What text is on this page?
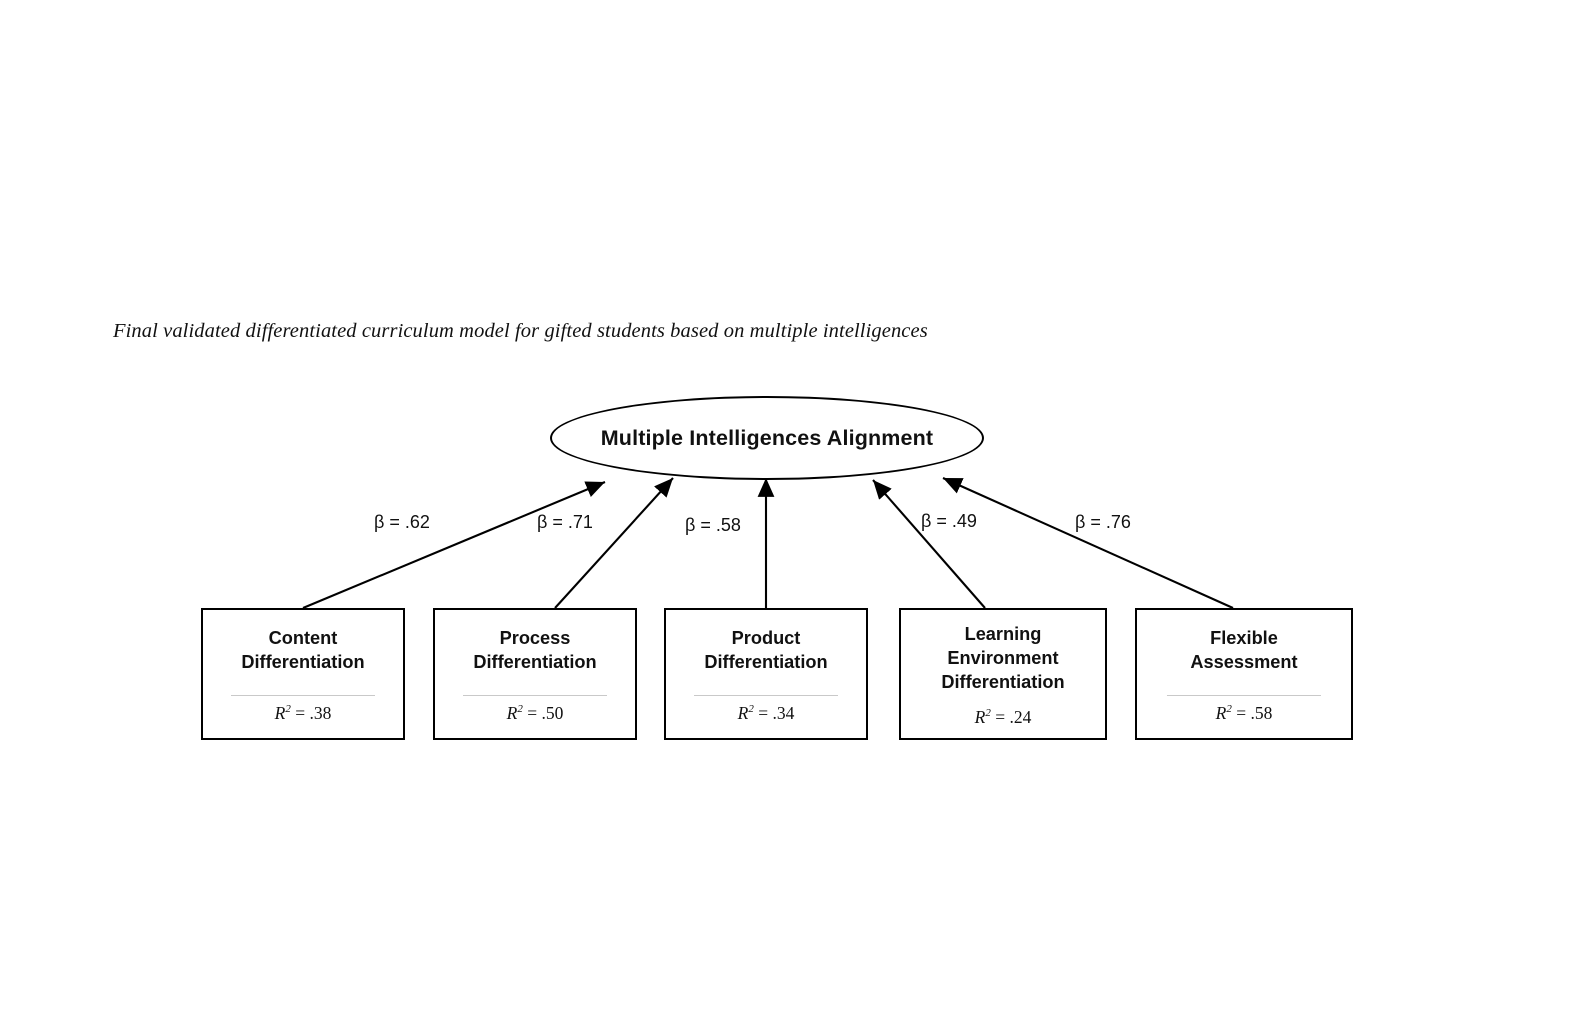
Final validated differentiated curriculum model for gifted students based on multiple intelligences
Multiple Intelligences Alignment
β = .62	β = .71	β = .58	β = .49	β = .76
Content
Differentiation
$R^2 = .38$
Process
Differentiation
$R^2 = .50$
Product
Differentiation
$R^2 = .34$
Learning
Environment
Differentiation
$R^2 = .24$
Flexible
Assessment
$R^2 = .58$
